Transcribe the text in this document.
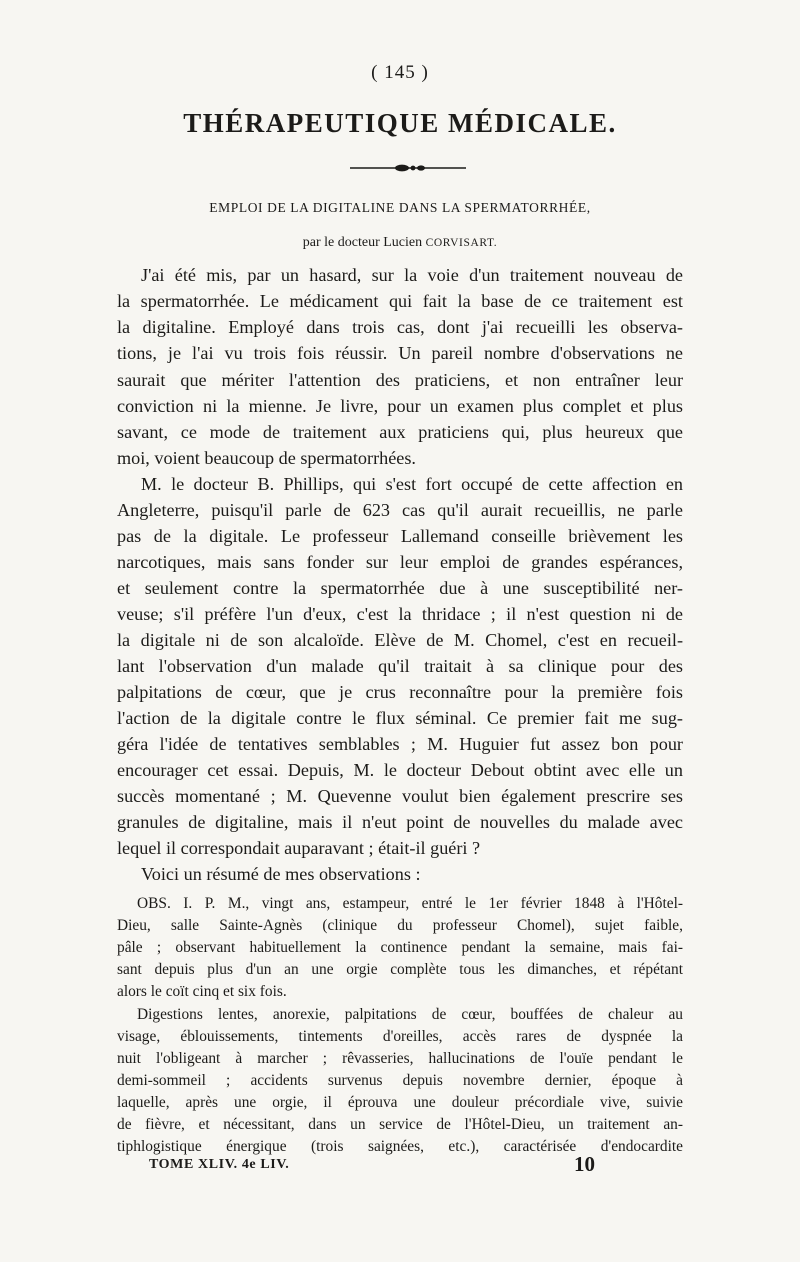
( 145 )
THÉRAPEUTIQUE MÉDICALE.
EMPLOI DE LA DIGITALINE DANS LA SPERMATORRHÉE,
par le docteur Lucien CORVISART.
J'ai été mis, par un hasard, sur la voie d'un traitement nouveau de
la spermatorrhée. Le médicament qui fait la base de ce traitement est
la digitaline. Employé dans trois cas, dont j'ai recueilli les observa-
tions, je l'ai vu trois fois réussir. Un pareil nombre d'observations ne
saurait que mériter l'attention des praticiens, et non entraîner leur
conviction ni la mienne. Je livre, pour un examen plus complet et plus
savant, ce mode de traitement aux praticiens qui, plus heureux que
moi, voient beaucoup de spermatorrhées.
M. le docteur B. Phillips, qui s'est fort occupé de cette affection en
Angleterre, puisqu'il parle de 623 cas qu'il aurait recueillis, ne parle
pas de la digitale. Le professeur Lallemand conseille brièvement les
narcotiques, mais sans fonder sur leur emploi de grandes espérances,
et seulement contre la spermatorrhée due à une susceptibilité ner-
veuse; s'il préfère l'un d'eux, c'est la thridace ; il n'est question ni de
la digitale ni de son alcaloïde. Elève de M. Chomel, c'est en recueil-
lant l'observation d'un malade qu'il traitait à sa clinique pour des
palpitations de cœur, que je crus reconnaître pour la première fois
l'action de la digitale contre le flux séminal. Ce premier fait me sug-
géra l'idée de tentatives semblables ; M. Huguier fut assez bon pour
encourager cet essai. Depuis, M. le docteur Debout obtint avec elle un
succès momentané ; M. Quevenne voulut bien également prescrire ses
granules de digitaline, mais il n'eut point de nouvelles du malade avec
lequel il correspondait auparavant ; était-il guéri ?
Voici un résumé de mes observations :
OBS. I. P. M., vingt ans, estampeur, entré le 1er février 1848 à l'Hôtel-
Dieu, salle Sainte-Agnès (clinique du professeur Chomel), sujet faible,
pâle ; observant habituellement la continence pendant la semaine, mais fai-
sant depuis plus d'un an une orgie complète tous les dimanches, et répétant
alors le coït cinq et six fois.
Digestions lentes, anorexie, palpitations de cœur, bouffées de chaleur au
visage, éblouissements, tintements d'oreilles, accès rares de dyspnée la
nuit l'obligeant à marcher ; rêvasseries, hallucinations de l'ouïe pendant le
demi-sommeil ; accidents survenus depuis novembre dernier, époque à
laquelle, après une orgie, il éprouva une douleur précordiale vive, suivie
de fièvre, et nécessitant, dans un service de l'Hôtel-Dieu, un traitement an-
tiphlogistique énergique (trois saignées, etc.), caractérisée d'endocardite
TOME XLIV. 4e LIV.	10
